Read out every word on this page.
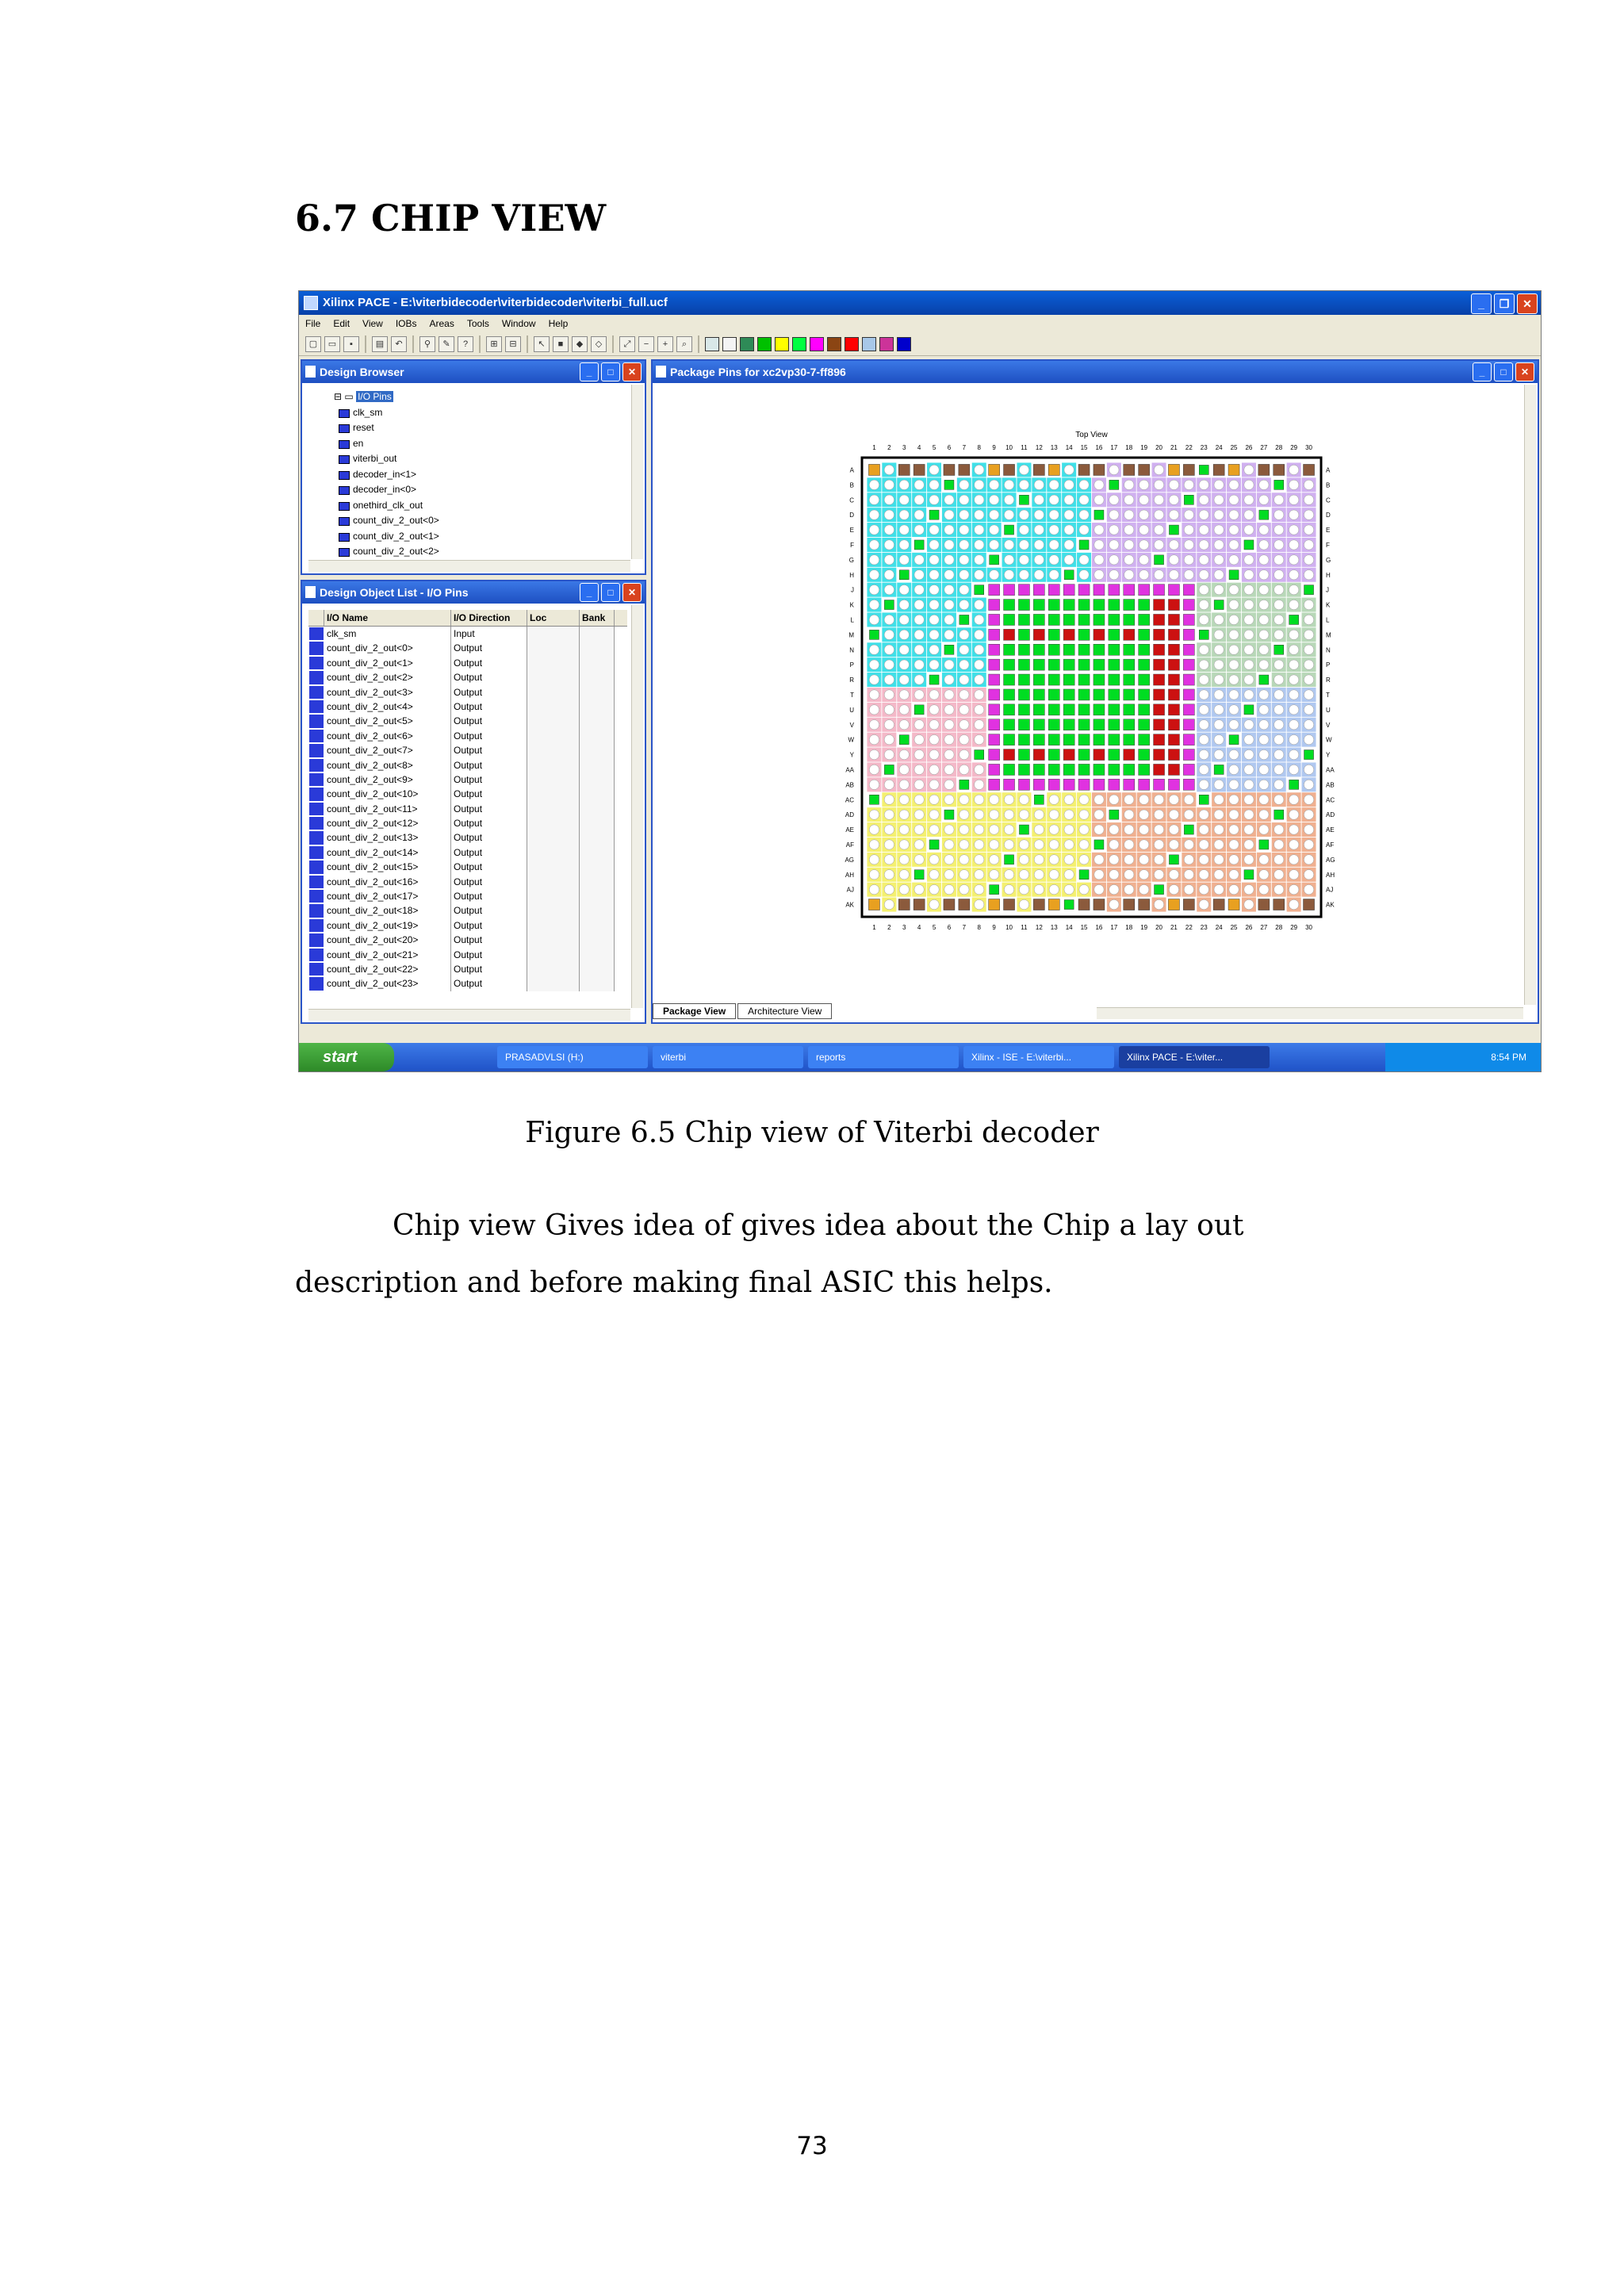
6.7 CHIP VIEW
Xilinx PACE - E:\viterbidecoder\viterbidecoder\viterbi_full.ucf	_	❐	✕
File Edit View IOBs Areas Tools Window Help
▢	▭	▪	▤	↶	⚲	✎	?	⊞	⊟	↖	■	◆	◇	⤢	−	+	⌕
Design Browser	_	□	✕
⊟ ▭ I/O Pins
clk_sm
reset
en
viterbi_out
decoder_in<1>
decoder_in<0>
onethird_clk_out
count_div_2_out<0>
count_div_2_out<1>
count_div_2_out<2>
Design Object List - I/O Pins	_	□	✕
I/O Name	I/O Direction	Loc	Bank
clk_sm	Input
count_div_2_out<0>	Output
count_div_2_out<1>	Output
count_div_2_out<2>	Output
count_div_2_out<3>	Output
count_div_2_out<4>	Output
count_div_2_out<5>	Output
count_div_2_out<6>	Output
count_div_2_out<7>	Output
count_div_2_out<8>	Output
count_div_2_out<9>	Output
count_div_2_out<10>	Output
count_div_2_out<11>	Output
count_div_2_out<12>	Output
count_div_2_out<13>	Output
count_div_2_out<14>	Output
count_div_2_out<15>	Output
count_div_2_out<16>	Output
count_div_2_out<17>	Output
count_div_2_out<18>	Output
count_div_2_out<19>	Output
count_div_2_out<20>	Output
count_div_2_out<21>	Output
count_div_2_out<22>	Output
count_div_2_out<23>	Output
Package Pins for xc2vp30-7-ff896	_	□	✕
Top View
1
1
2
2
3
3
4
4
5
5
6
6
7
7
8
8
9
9
10
10
11
11
12
12
13
13
14
14
15
15
16
16
17
17
18
18
19
19
20
20
21
21
22
22
23
23
24
24
25
25
26
26
27
27
28
28
29
29
30
30
A	A
B	B
C	C
D	D
E	E
F	F
G	G
H	H
J	J
K	K
L	L
M	M
N	N
P	P
R	R
T	T
U	U
V	V
W	W
Y	Y
AA	AA
AB	AB
AC	AC
AD	AD
AE	AE
AF	AF
AG	AG
AH	AH
AJ	AJ
AK	AK
Package View	Architecture View
start	PRASADVLSI (H:)	viterbi	reports	Xilinx - ISE - E:\viterbi...	Xilinx PACE - E:\viter...	8:54 PM

Figure 6.5 Chip view of Viterbi decoder

Chip view Gives idea of gives idea about the Chip a lay out description and before making final ASIC this helps.

73
